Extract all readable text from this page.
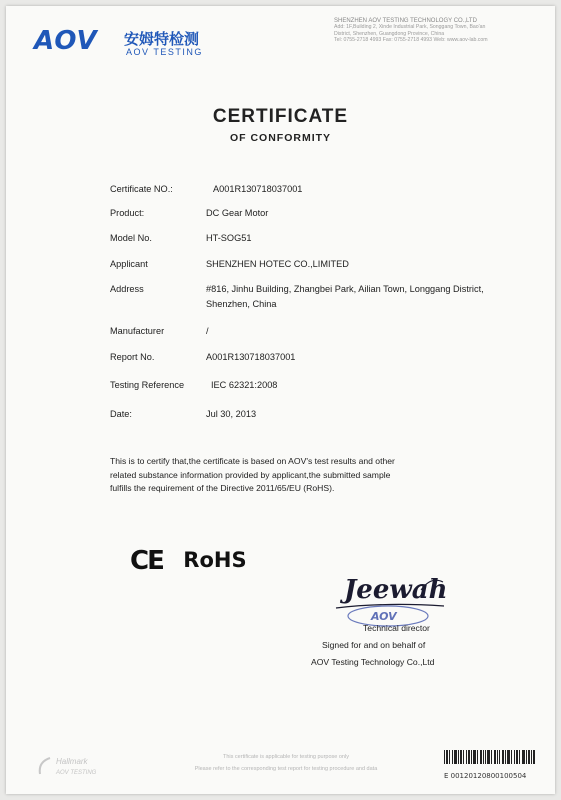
AOV 安姆特检测
AOV TESTING
SHENZHEN AOV TESTING TECHNOLOGY CO.,LTD
Add: 1F,Building 2, Xinde Industrial Park, Songgang Town, Bao'an
District, Shenzhen, Guangdong Province, China
Tel: 0755-2718 4993 Fax: 0755-2718 4993 Web: www.aov-lab.com
CERTIFICATE
OF CONFORMITY
Certificate NO.:	A001R130718037001
Product:	DC Gear Motor
Model No.	HT-SOG51
Applicant	SHENZHEN HOTEC CO.,LIMITED
Address	#816, Jinhu Building, Zhangbei Park, Ailian Town, Longgang District,
Shenzhen, China
Manufacturer	/
Report No.	A001R130718037001
Testing Reference	IEC 62321:2008
Date:	Jul 30, 2013
This is to certify that,the certificate is based on AOV's test results and other
related substance information provided by applicant,the submitted sample
fulfills the requirement of the Directive 2011/65/EU (RoHS).
CE RoHS
AOV
Jeewah
Technical director
Signed for and on behalf of
AOV Testing Technology Co.,Ltd
Hallmark
AOV TESTING
This certificate is applicable for testing purpose only
Please refer to the corresponding test report for testing procedure and data
E 00120120800100504
